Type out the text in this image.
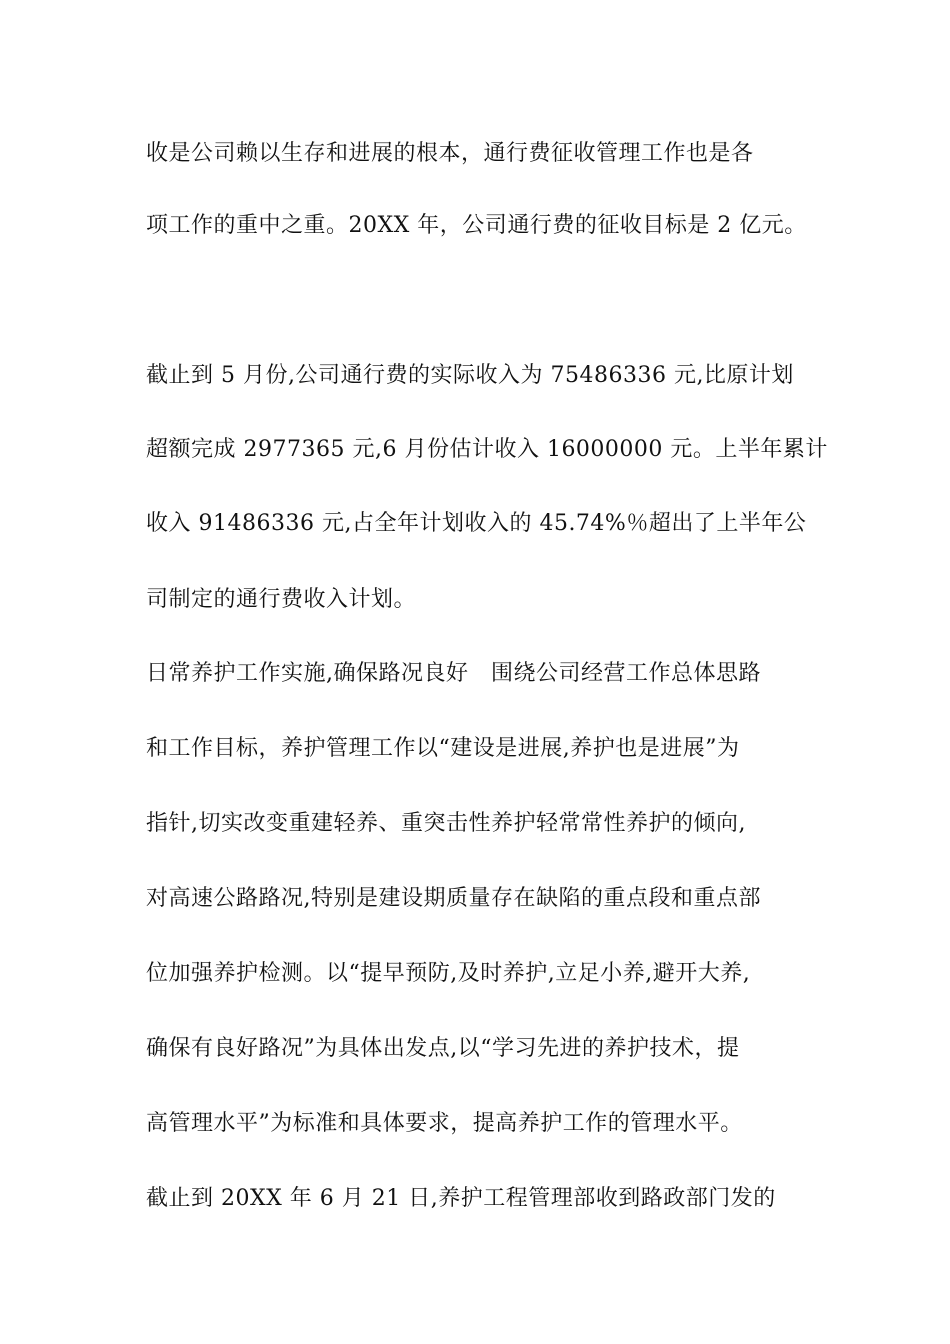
收是公司赖以生存和进展的根本，通行费征收管理工作也是各
项工作的重中之重。20XX 年，公司通行费的征收目标是 2 亿元。
截止到 5 月份,公司通行费的实际收入为 75486336 元,比原计划
超额完成 2977365 元,6 月份估计收入 16000000 元。上半年累计
收入 91486336 元,占全年计划收入的 45.74%％超出了上半年公
司制定的通行费收入计划。
日常养护工作实施,确保路况良好　围绕公司经营工作总体思路
和工作目标，养护管理工作以“建设是进展,养护也是进展”为
指针,切实改变重建轻养、重突击性养护轻常常性养护的倾向,
对高速公路路况,特别是建设期质量存在缺陷的重点段和重点部
位加强养护检测。以“提早预防,及时养护,立足小养,避开大养,
确保有良好路况”为具体出发点,以“学习先进的养护技术，提
高管理水平”为标准和具体要求，提高养护工作的管理水平。
截止到 20XX 年 6 月 21 日,养护工程管理部收到路政部门发的
